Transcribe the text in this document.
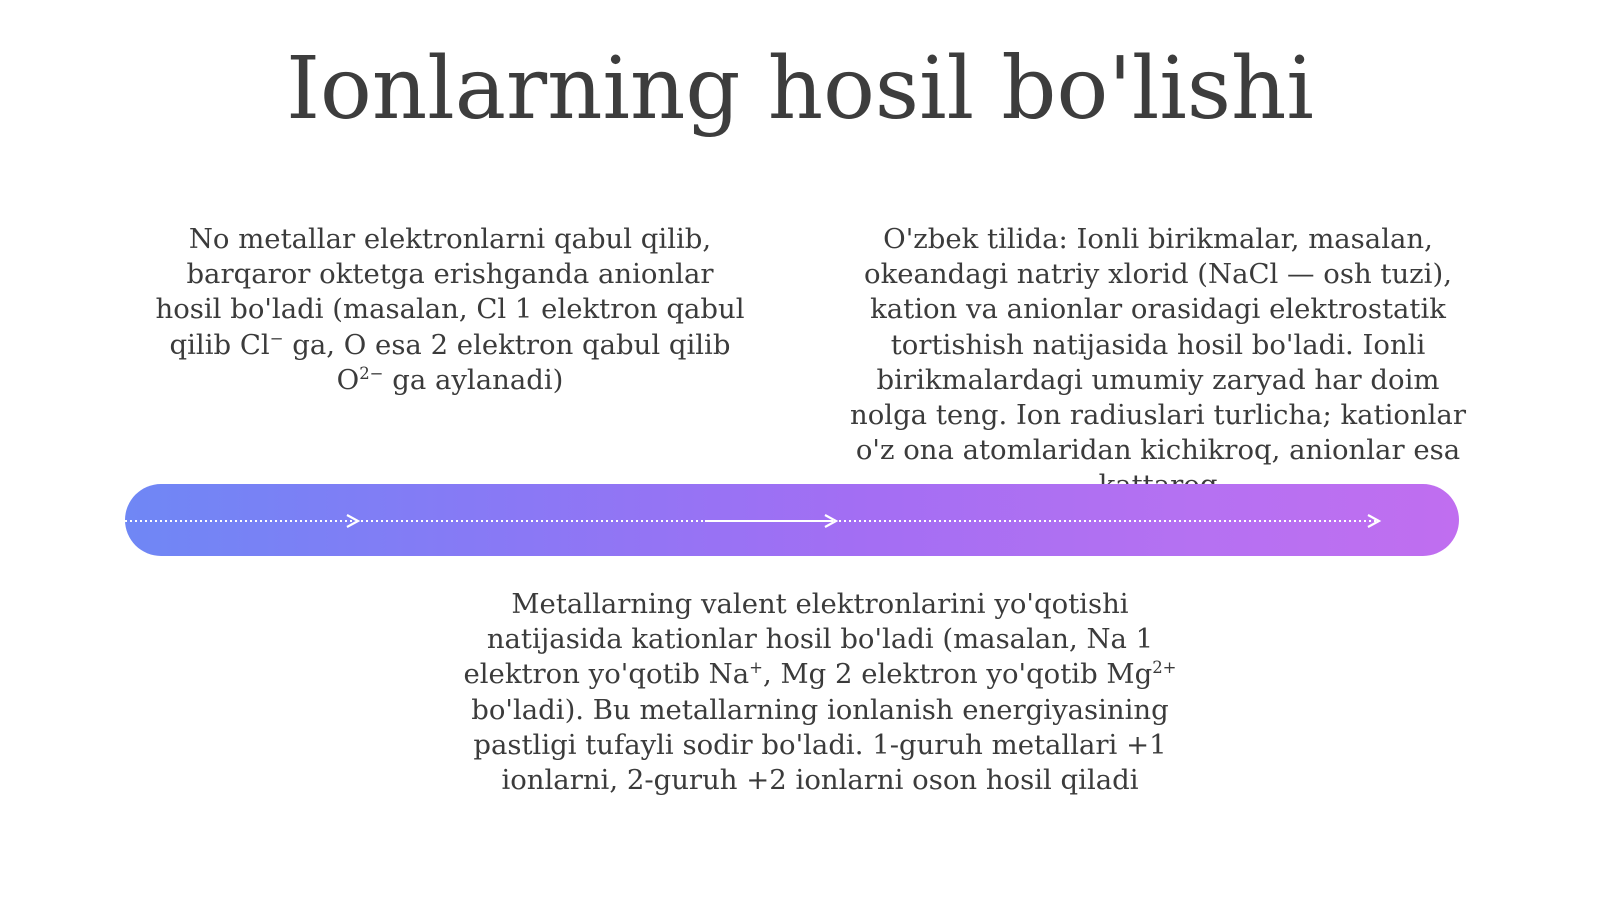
Ionlarning hosil bo'lishi
No metallar elektronlarni qabul qilib, barqaror oktetga erishganda anionlar hosil bo'ladi (masalan, Cl 1 elektron qabul qilib Cl− ga, O esa 2 elektron qabul qilib $O^{2-}$ ga aylanadi)
O'zbek tilida: Ionli birikmalar, masalan, okeandagi natriy xlorid (NaCl — osh tuzi), kation va anionlar orasidagi elektrostatik tortishish natijasida hosil bo'ladi. Ionli birikmalardagi umumiy zaryad har doim nolga teng. Ion radiuslari turlicha; kationlar o'z ona atomlaridan kichikroq, anionlar esa
Metallarning valent elektronlarini yo'qotishi natijasida kationlar hosil bo'ladi (masalan, Na 1 elektron yo'qotib Na+, Mg 2 elektron yo'qotib $Mg^{2+}$ bo'ladi). Bu metallarning ionlanish energiyasining pastligi tufayli sodir bo'ladi. 1-guruh metallari +1 ionlarni, 2-guruh +2 ionlarni oson hosil qiladi
